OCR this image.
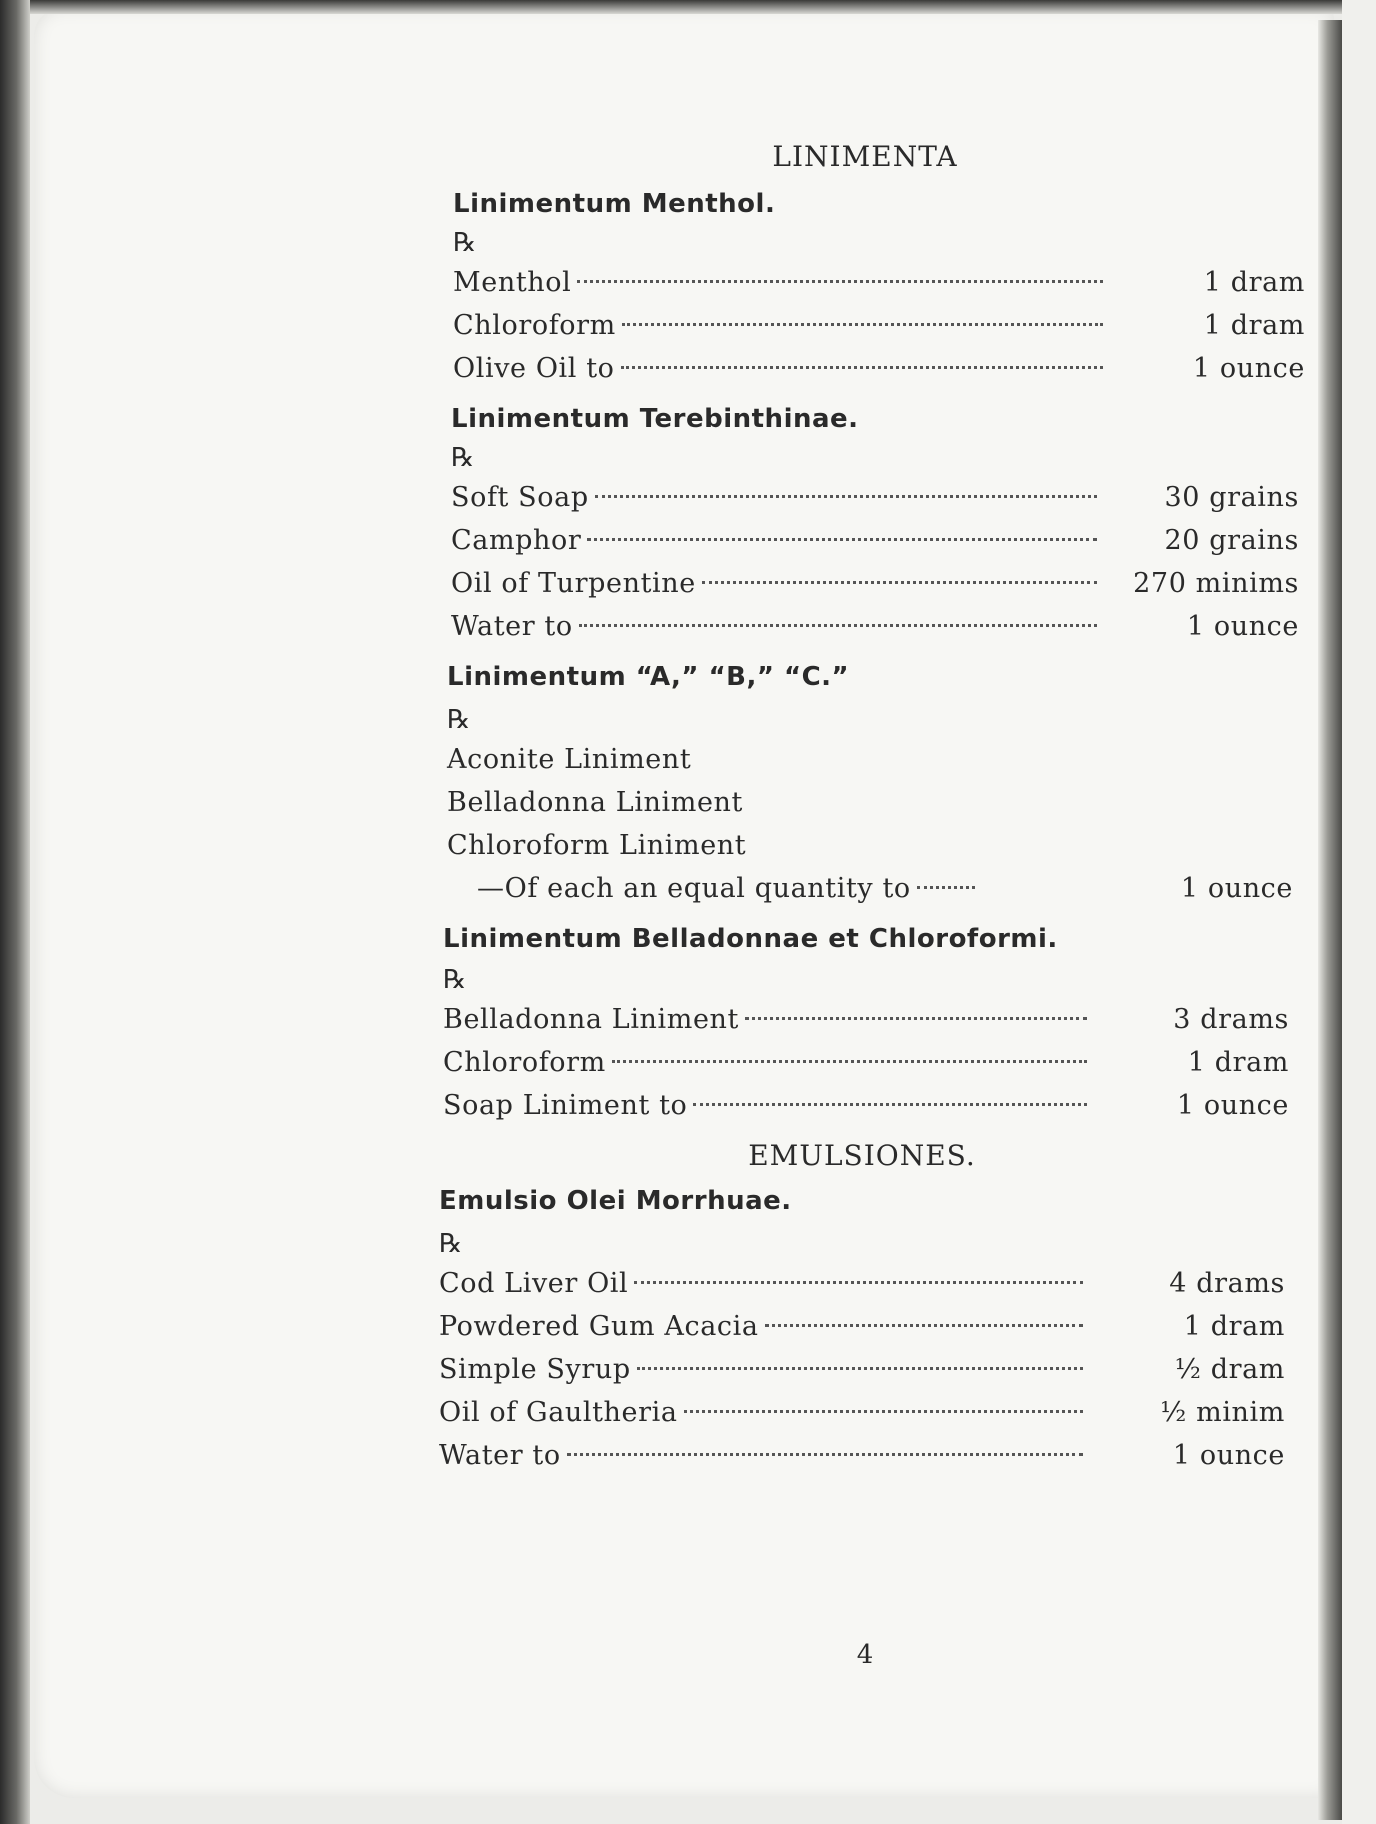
LINIMENTA
Linimentum Menthol.
℞
Menthol	1 dram
Chloroform	1 dram
Olive Oil to	1 ounce
Linimentum Terebinthinae.
℞
Soft Soap	30 grains
Camphor	20 grains
Oil of Turpentine	270 minims
Water to	1 ounce
Linimentum “A,” “B,” “C.”
℞
Aconite Liniment
Belladonna Liniment
Chloroform Liniment
—Of each an equal quantity to	1 ounce
Linimentum Belladonnae et Chloroformi.
℞
Belladonna Liniment	3 drams
Chloroform	1 dram
Soap Liniment to	1 ounce
EMULSIONES.
Emulsio Olei Morrhuae.
℞
Cod Liver Oil	4 drams
Powdered Gum Acacia	1 dram
Simple Syrup	½ dram
Oil of Gaultheria	½ minim
Water to	1 ounce
4
